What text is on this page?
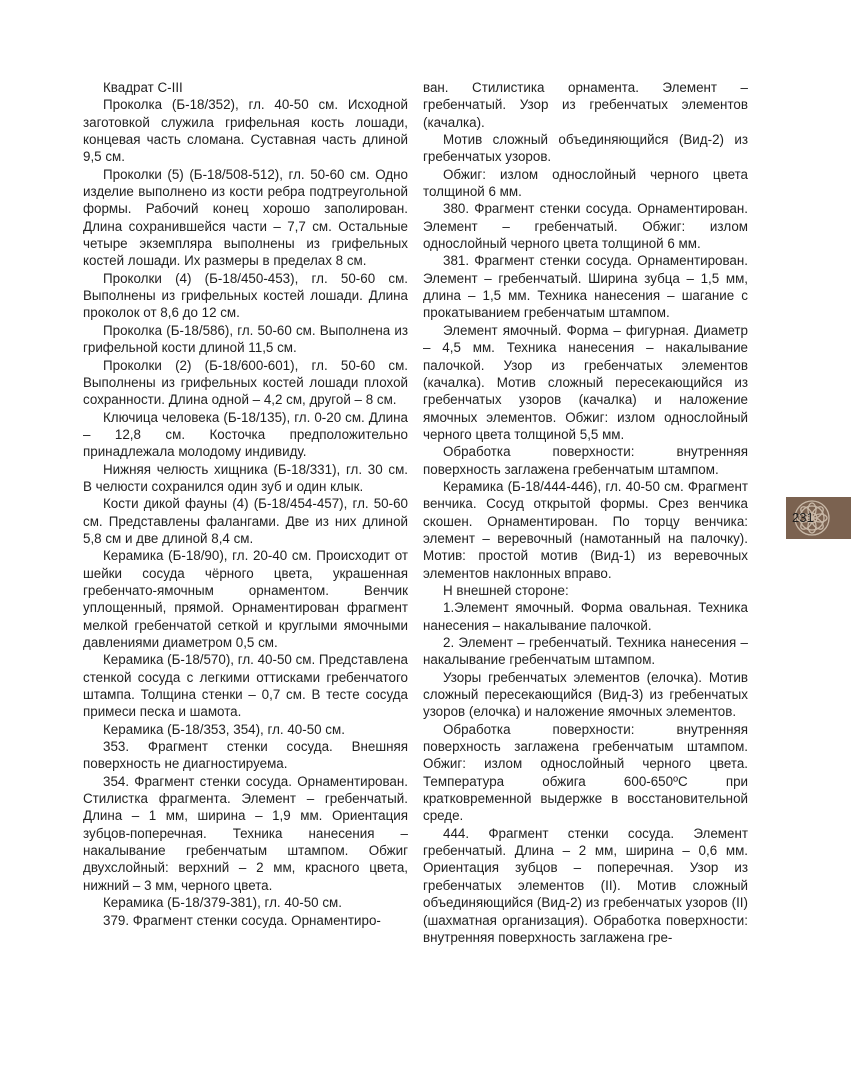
Квадрат С-III

Проколка (Б-18/352), гл. 40-50 см. Исходной заготовкой служила грифельная кость лошади, концевая часть сломана. Суставная часть длиной 9,5 см.

Проколки (5) (Б-18/508-512), гл. 50-60 см. Одно изделие выполнено из кости ребра подтреугольной формы. Рабочий конец хорошо заполирован. Длина сохранившейся части – 7,7 см. Остальные четыре экземпляра выполнены из грифельных костей лошади. Их размеры в пределах 8 см.

Проколки (4) (Б-18/450-453), гл. 50-60 см. Выполнены из грифельных костей лошади. Длина проколок от 8,6 до 12 см.

Проколка (Б-18/586), гл. 50-60 см. Выполнена из грифельной кости длиной 11,5 см.

Проколки (2) (Б-18/600-601), гл. 50-60 см. Выполнены из грифельных костей лошади плохой сохранности. Длина одной – 4,2 см, другой – 8 см.

Ключица человека (Б-18/135), гл. 0-20 см. Длина – 12,8 см. Косточка предположительно принадлежала молодому индивиду.

Нижняя челюсть хищника (Б-18/331), гл. 30 см. В челюсти сохранился один зуб и один клык.

Кости дикой фауны (4) (Б-18/454-457), гл. 50-60 см. Представлены фалангами. Две из них длиной 5,8 см и две длиной 8,4 см.

Керамика (Б-18/90), гл. 20-40 см. Происходит от шейки сосуда чёрного цвета, украшенная гребенчато-ямочным орнаментом. Венчик уплощенный, прямой. Орнаментирован фрагмент мелкой гребенчатой сеткой и круглыми ямочными давлениями диаметром 0,5 см.

Керамика (Б-18/570), гл. 40-50 см. Представлена стенкой сосуда с легкими оттисками гребенчатого штампа. Толщина стенки – 0,7 см. В тесте сосуда примеси песка и шамота.

Керамика (Б-18/353, 354), гл. 40-50 см.

353. Фрагмент стенки сосуда. Внешняя поверхность не диагностируема.

354. Фрагмент стенки сосуда. Орнаментирован. Стилистка фрагмента. Элемент – гребенчатый. Длина – 1 мм, ширина – 1,9 мм. Ориентация зубцов-поперечная. Техника нанесения – накалывание гребенчатым штампом. Обжиг двухслойный: верхний – 2 мм, красного цвета, нижний – 3 мм, черного цвета.

Керамика (Б-18/379-381), гл. 40-50 см.

379. Фрагмент стенки сосуда. Орнаментиро-

ван. Стилистика орнамента. Элемент – гребенчатый. Узор из гребенчатых элементов (качалка).

Мотив сложный объединяющийся (Вид-2) из гребенчатых узоров.

Обжиг: излом однослойный черного цвета толщиной 6 мм.

380. Фрагмент стенки сосуда. Орнаментирован. Элемент – гребенчатый. Обжиг: излом однослойный черного цвета толщиной 6 мм.

381. Фрагмент стенки сосуда. Орнаментирован. Элемент – гребенчатый. Ширина зубца – 1,5 мм, длина – 1,5 мм. Техника нанесения – шагание с прокатыванием гребенчатым штампом.

Элемент ямочный. Форма – фигурная. Диаметр – 4,5 мм. Техника нанесения – накалывание палочкой. Узор из гребенчатых элементов (качалка). Мотив сложный пересекающийся из гребенчатых узоров (качалка) и наложение ямочных элементов. Обжиг: излом однослойный черного цвета толщиной 5,5 мм.

Обработка поверхности: внутренняя поверхность заглажена гребенчатым штампом.

Керамика (Б-18/444-446), гл. 40-50 см. Фрагмент венчика. Сосуд открытой формы. Срез венчика скошен. Орнаментирован. По торцу венчика: элемент – веревочный (намотанный на палочку). Мотив: простой мотив (Вид-1) из веревочных элементов наклонных вправо.

Н внешней стороне:

1.Элемент ямочный. Форма овальная. Техника нанесения – накалывание палочкой.

2. Элемент – гребенчатый. Техника нанесения – накалывание гребенчатым штампом.

Узоры гребенчатых элементов (елочка). Мотив сложный пересекающийся (Вид-3) из гребенчатых узоров (елочка) и наложение ямочных элементов.

Обработка поверхности: внутренняя поверхность заглажена гребенчатым штампом. Обжиг: излом однослойный черного цвета. Температура обжига 600-650ºС при кратковременной выдержке в восстановительной среде.

444. Фрагмент стенки сосуда. Элемент гребенчатый. Длина – 2 мм, ширина – 0,6 мм. Ориентация зубцов – поперечная. Узор из гребенчатых элементов (II). Мотив сложный объединяющийся (Вид-2) из гребенчатых узоров (II) (шахматная организация). Обработка поверхности: внутренняя поверхность заглажена гре-

231
